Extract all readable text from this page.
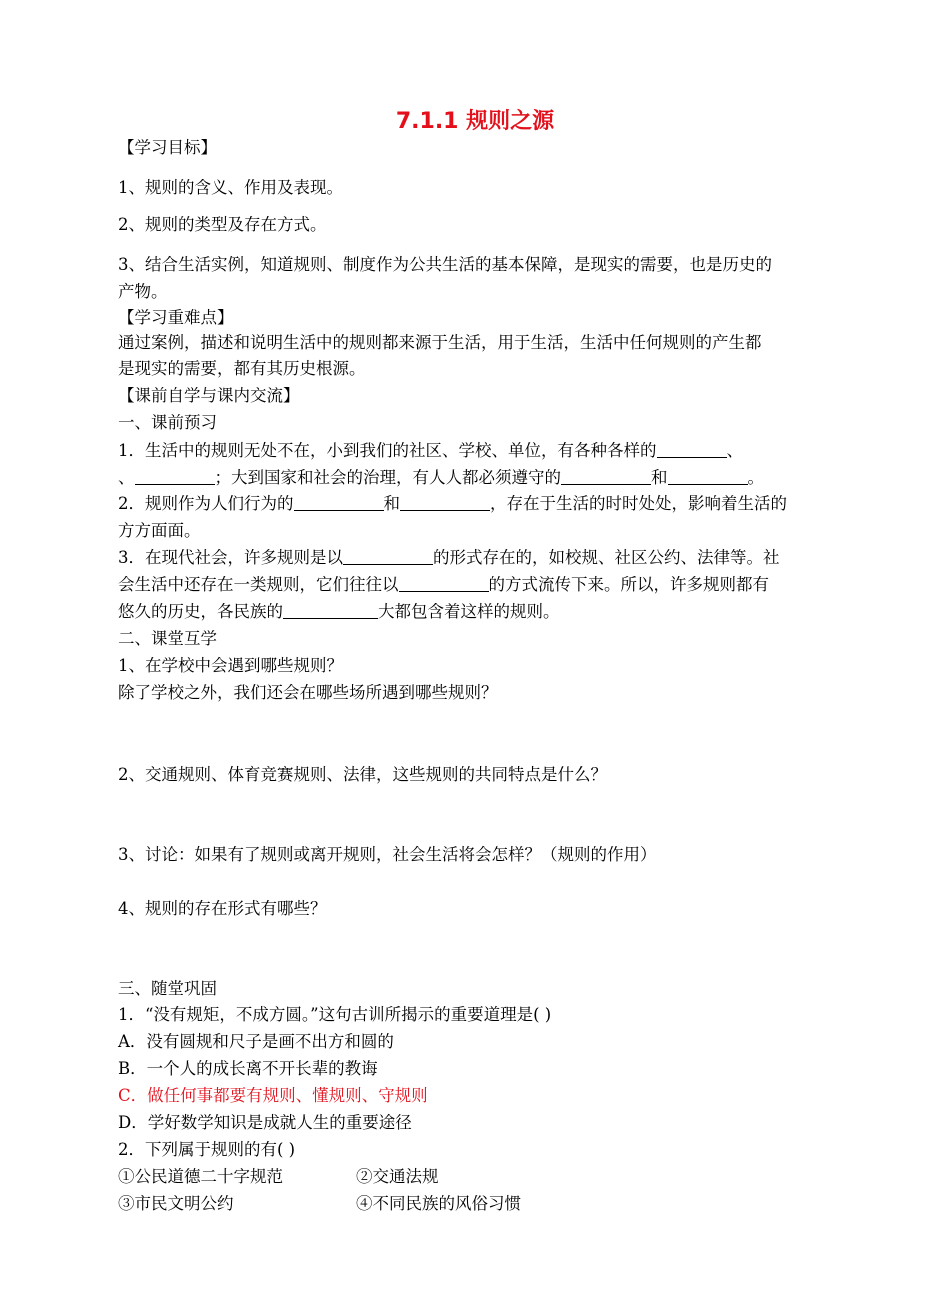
7.1.1 规则之源
【学习目标】
1、规则的含义、作用及表现。
2、规则的类型及存在方式。
3、结合生活实例，知道规则、制度作为公共生活的基本保障，是现实的需要，也是历史的
产物。
【学习重难点】
通过案例，描述和说明生活中的规则都来源于生活，用于生活，生活中任何规则的产生都
是现实的需要，都有其历史根源。
【课前自学与课内交流】
一、课前预习
1．生活中的规则无处不在，小到我们的社区、学校、单位，有各种各样的	、
、	；大到国家和社会的治理，有人人都必须遵守的	和	。
2．规则作为人们行为的	和	，存在于生活的时时处处，影响着生活的
方方面面。
3．在现代社会，许多规则是以	的形式存在的，如校规、社区公约、法律等。社
会生活中还存在一类规则，它们往往以	的方式流传下来。所以，许多规则都有
悠久的历史，各民族的	大都包含着这样的规则。
二、课堂互学
1、在学校中会遇到哪些规则？
除了学校之外，我们还会在哪些场所遇到哪些规则？
2、交通规则、体育竞赛规则、法律，这些规则的共同特点是什么？
3、讨论：如果有了规则或离开规则，社会生活将会怎样？（规则的作用）
4、规则的存在形式有哪些？
三、随堂巩固
1．“没有规矩，不成方圆。”这句古训所揭示的重要道理是( )
A．没有圆规和尺子是画不出方和圆的
B．一个人的成长离不开长辈的教诲
C．做任何事都要有规则、懂规则、守规则
D．学好数学知识是成就人生的重要途径
2．下列属于规则的有( )
①公民道德二十字规范	②交通法规
③市民文明公约	④不同民族的风俗习惯
